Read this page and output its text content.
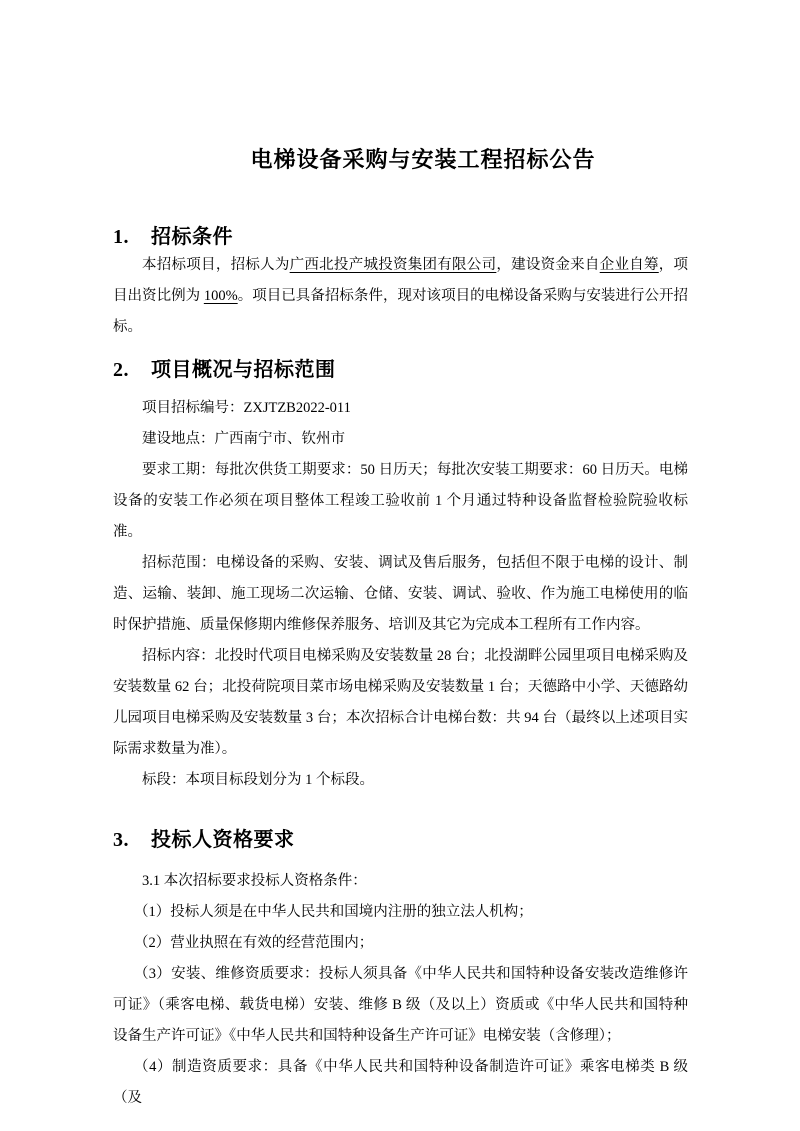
电梯设备采购与安装工程招标公告
1. 招标条件

本招标项目，招标人为广西北投产城投资集团有限公司，建设资金来自企业自筹，项目出资比例为 100%。项目已具备招标条件，现对该项目的电梯设备采购与安装进行公开招标。

2. 项目概况与招标范围

项目招标编号：ZXJTZB2022-011

建设地点：广西南宁市、钦州市

要求工期：每批次供货工期要求：50 日历天；每批次安装工期要求：60 日历天。电梯设备的安装工作必须在项目整体工程竣工验收前 1 个月通过特种设备监督检验院验收标准。

招标范围：电梯设备的采购、安装、调试及售后服务，包括但不限于电梯的设计、制造、运输、装卸、施工现场二次运输、仓储、安装、调试、验收、作为施工电梯使用的临时保护措施、质量保修期内维修保养服务、培训及其它为完成本工程所有工作内容。

招标内容：北投时代项目电梯采购及安装数量 28 台；北投湖畔公园里项目电梯采购及安装数量 62 台；北投荷院项目菜市场电梯采购及安装数量 1 台；天德路中小学、天德路幼儿园项目电梯采购及安装数量 3 台；本次招标合计电梯台数：共 94 台（最终以上述项目实际需求数量为准）。

标段：本项目标段划分为 1 个标段。

3. 投标人资格要求

3.1 本次招标要求投标人资格条件：

（1）投标人须是在中华人民共和国境内注册的独立法人机构；

（2）营业执照在有效的经营范围内；

（3）安装、维修资质要求：投标人须具备《中华人民共和国特种设备安装改造维修许可证》（乘客电梯、载货电梯）安装、维修 B 级（及以上）资质或《中华人民共和国特种设备生产许可证》《中华人民共和国特种设备生产许可证》电梯安装（含修理）；

（4）制造资质要求：具备《中华人民共和国特种设备制造许可证》乘客电梯类 B 级（及
